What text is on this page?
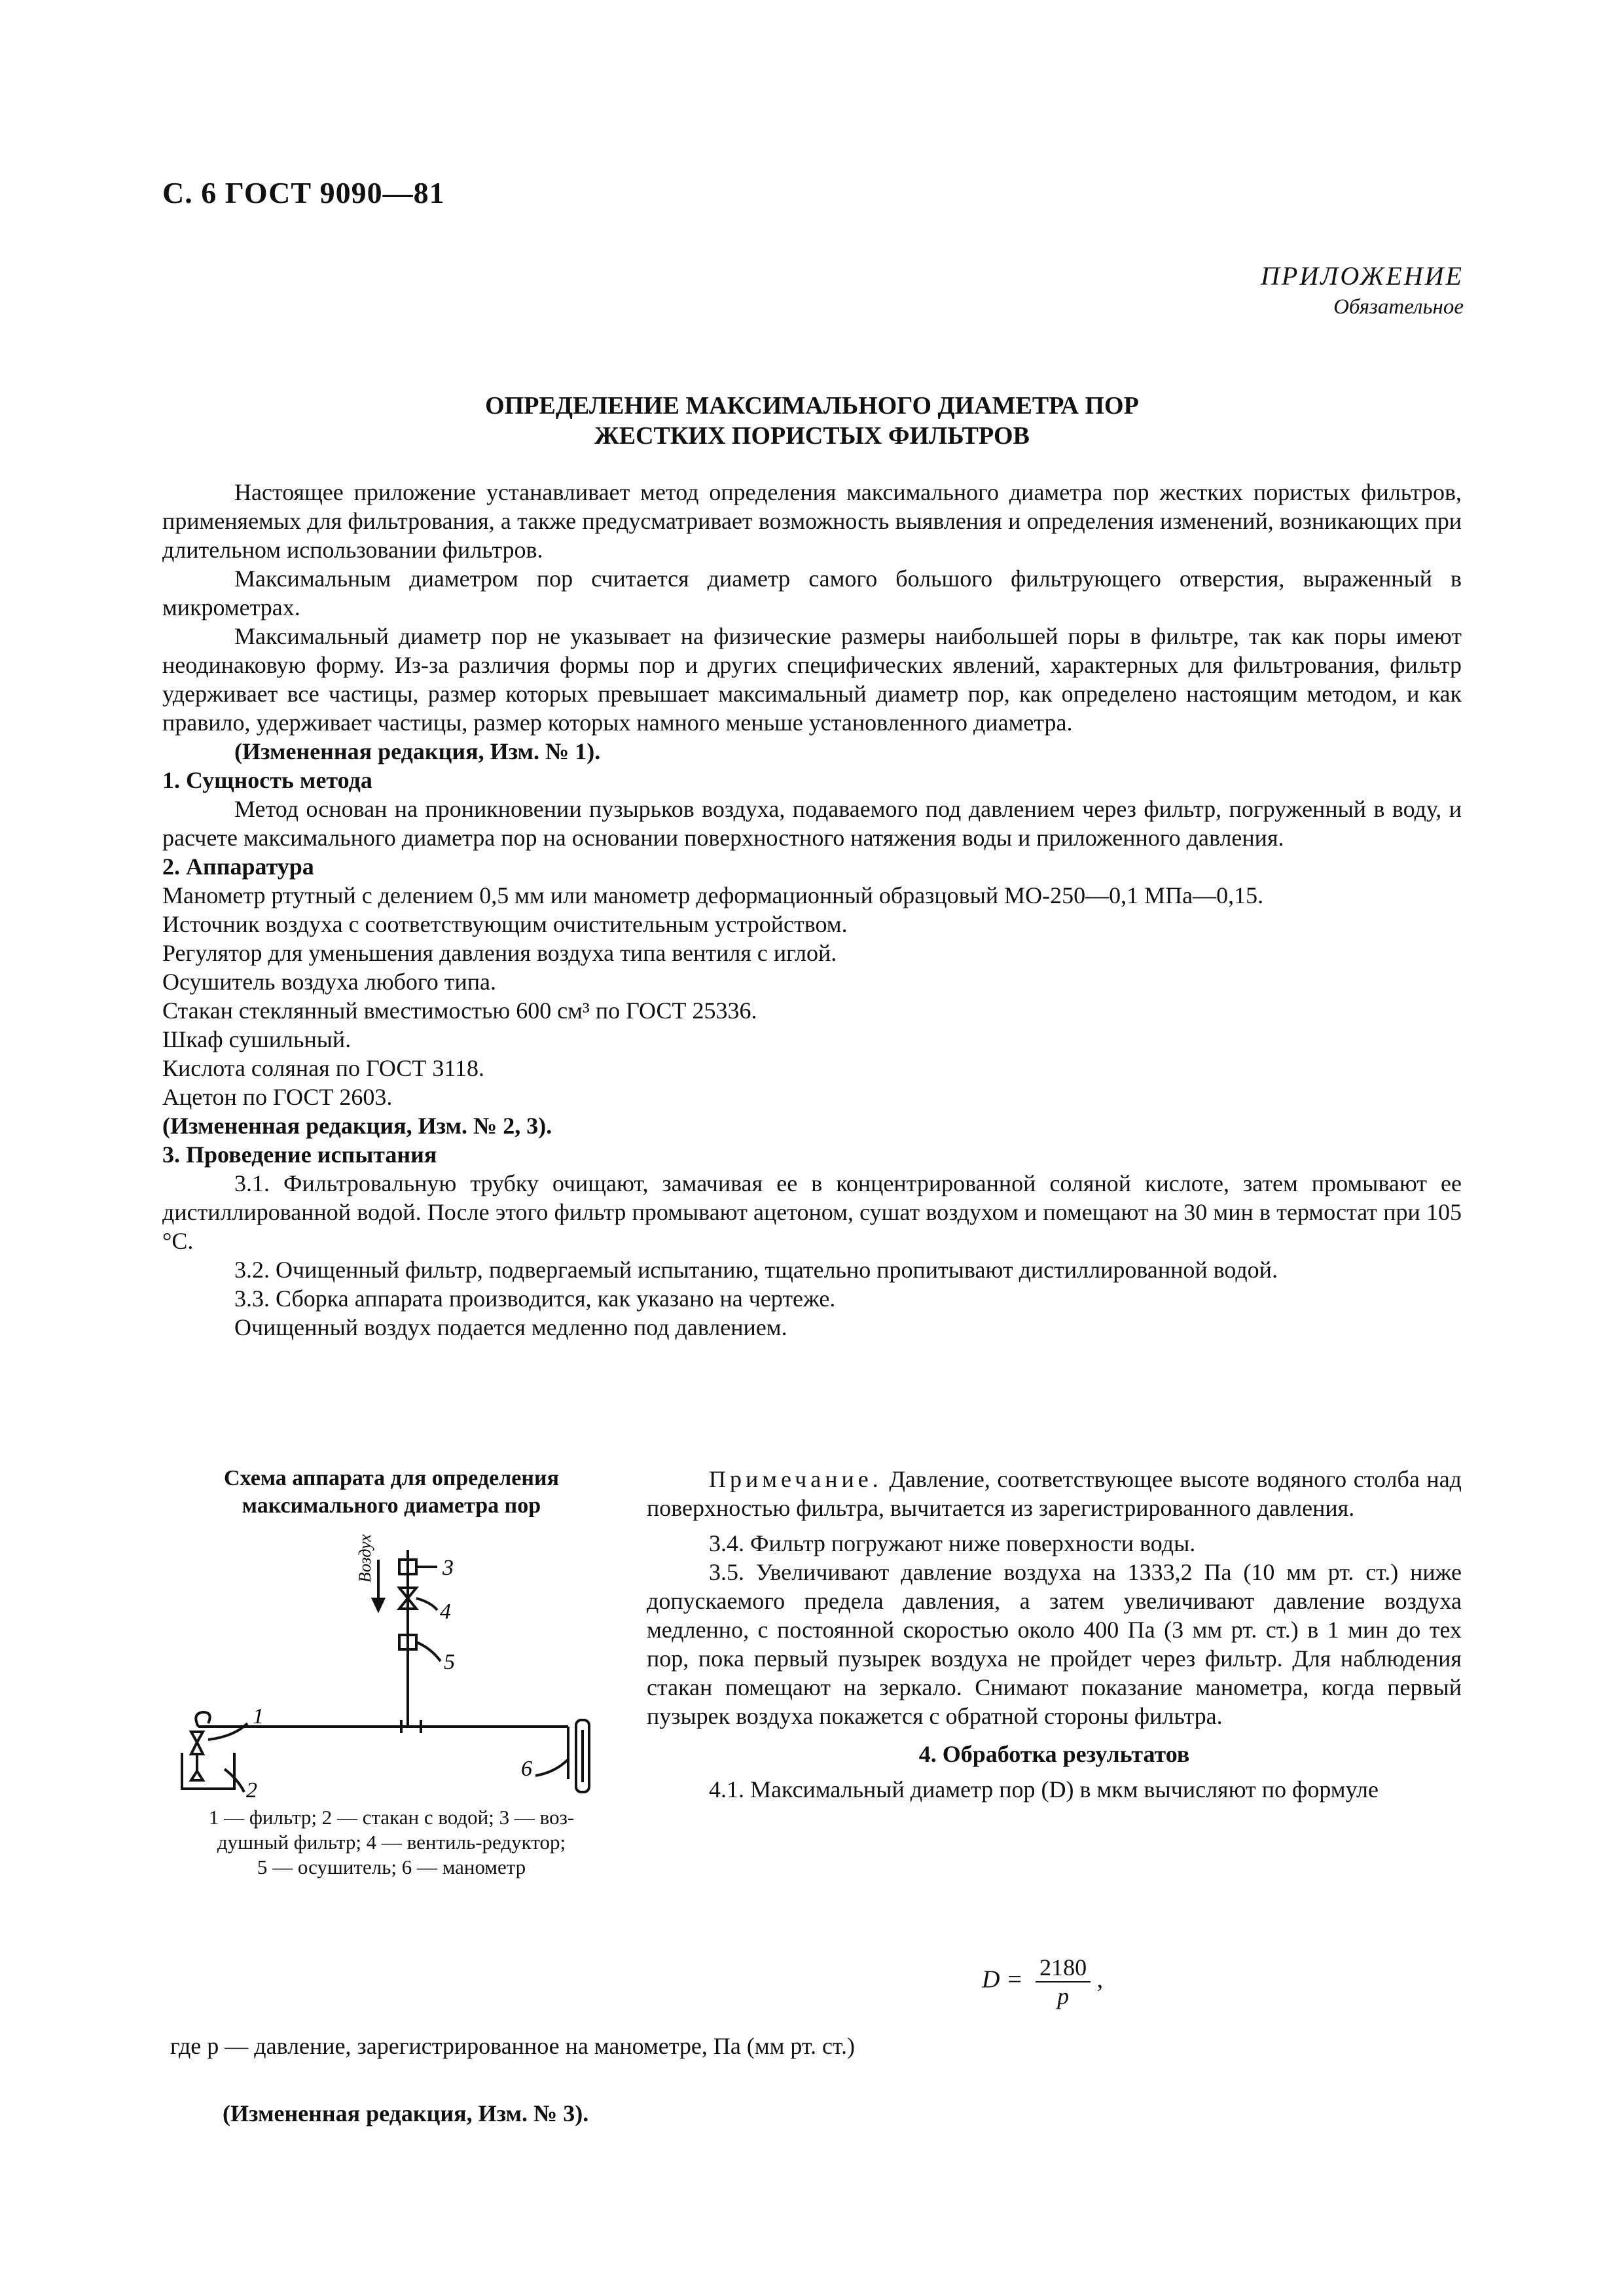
С. 6 ГОСТ 9090—81
ПРИЛОЖЕНИЕ
Обязательное
ОПРЕДЕЛЕНИЕ МАКСИМАЛЬНОГО ДИАМЕТРА ПОР
ЖЕСТКИХ ПОРИСТЫХ ФИЛЬТРОВ

Настоящее приложение устанавливает метод определения максимального диаметра пор жестких пористых фильтров, применяемых для фильтрования, а также предусматривает возможность выявления и определения изменений, возникающих при длительном использовании фильтров.

Максимальным диаметром пор считается диаметр самого большого фильтрующего отверстия, выраженный в микрометрах.

Максимальный диаметр пор не указывает на физические размеры наибольшей поры в фильтре, так как поры имеют неодинаковую форму. Из-за различия формы пор и других специфических явлений, характерных для фильтрования, фильтр удерживает все частицы, размер которых превышает максимальный диаметр пор, как определено настоящим методом, и как правило, удерживает частицы, размер которых намного меньше установленного диаметра.

(Измененная редакция, Изм. № 1).

1. Сущность метода

Метод основан на проникновении пузырьков воздуха, подаваемого под давлением через фильтр, погруженный в воду, и расчете максимального диаметра пор на основании поверхностного натяжения воды и приложенного давления.

2. Аппаратура

Манометр ртутный с делением 0,5 мм или манометр деформационный образцовый МО-250—0,1 МПа—0,15.

Источник воздуха с соответствующим очистительным устройством.

Регулятор для уменьшения давления воздуха типа вентиля с иглой.

Осушитель воздуха любого типа.

Стакан стеклянный вместимостью 600 см³ по ГОСТ 25336.

Шкаф сушильный.

Кислота соляная по ГОСТ 3118.

Ацетон по ГОСТ 2603.

(Измененная редакция, Изм. № 2, 3).

3. Проведение испытания

3.1. Фильтровальную трубку очищают, замачивая ее в концентрированной соляной кислоте, затем промывают ее дистиллированной водой. После этого фильтр промывают ацетоном, сушат воздухом и помещают на 30 мин в термостат при 105 °С.

3.2. Очищенный фильтр, подвергаемый испытанию, тщательно пропитывают дистиллированной водой.

3.3. Сборка аппарата производится, как указано на чертеже.

Очищенный воздух подается медленно под давлением.

Схема аппарата для определения
максимального диаметра пор
Воздух	3
4
5
1
2
6
1 — фильтр; 2 — стакан с водой; 3 — воз-
душный фильтр; 4 — вентиль-редуктор;
5 — осушитель; 6 — манометр

Примечание. Давление, соответствующее высоте водяного столба над поверхностью фильтра, вычитается из зарегистрированного давления.

3.4. Фильтр погружают ниже поверхности воды.

3.5. Увеличивают давление воздуха на 1333,2 Па (10 мм рт. ст.) ниже допускаемого предела давления, а затем увеличивают давление воздуха медленно, с постоянной скоростью около 400 Па (3 мм рт. ст.) в 1 мин до тех пор, пока первый пузырек воздуха не пройдет через фильтр. Для наблюдения стакан помещают на зеркало. Снимают показание манометра, когда первый пузырек воздуха покажется с обратной стороны фильтра.

4. Обработка результатов

4.1. Максимальный диаметр пор (D) в мкм вычисляют по формуле

$D = \frac{2180}{p}$ ,
где p — давление, зарегистрированное на манометре, Па (мм рт. ст.)
(Измененная редакция, Изм. № 3).
